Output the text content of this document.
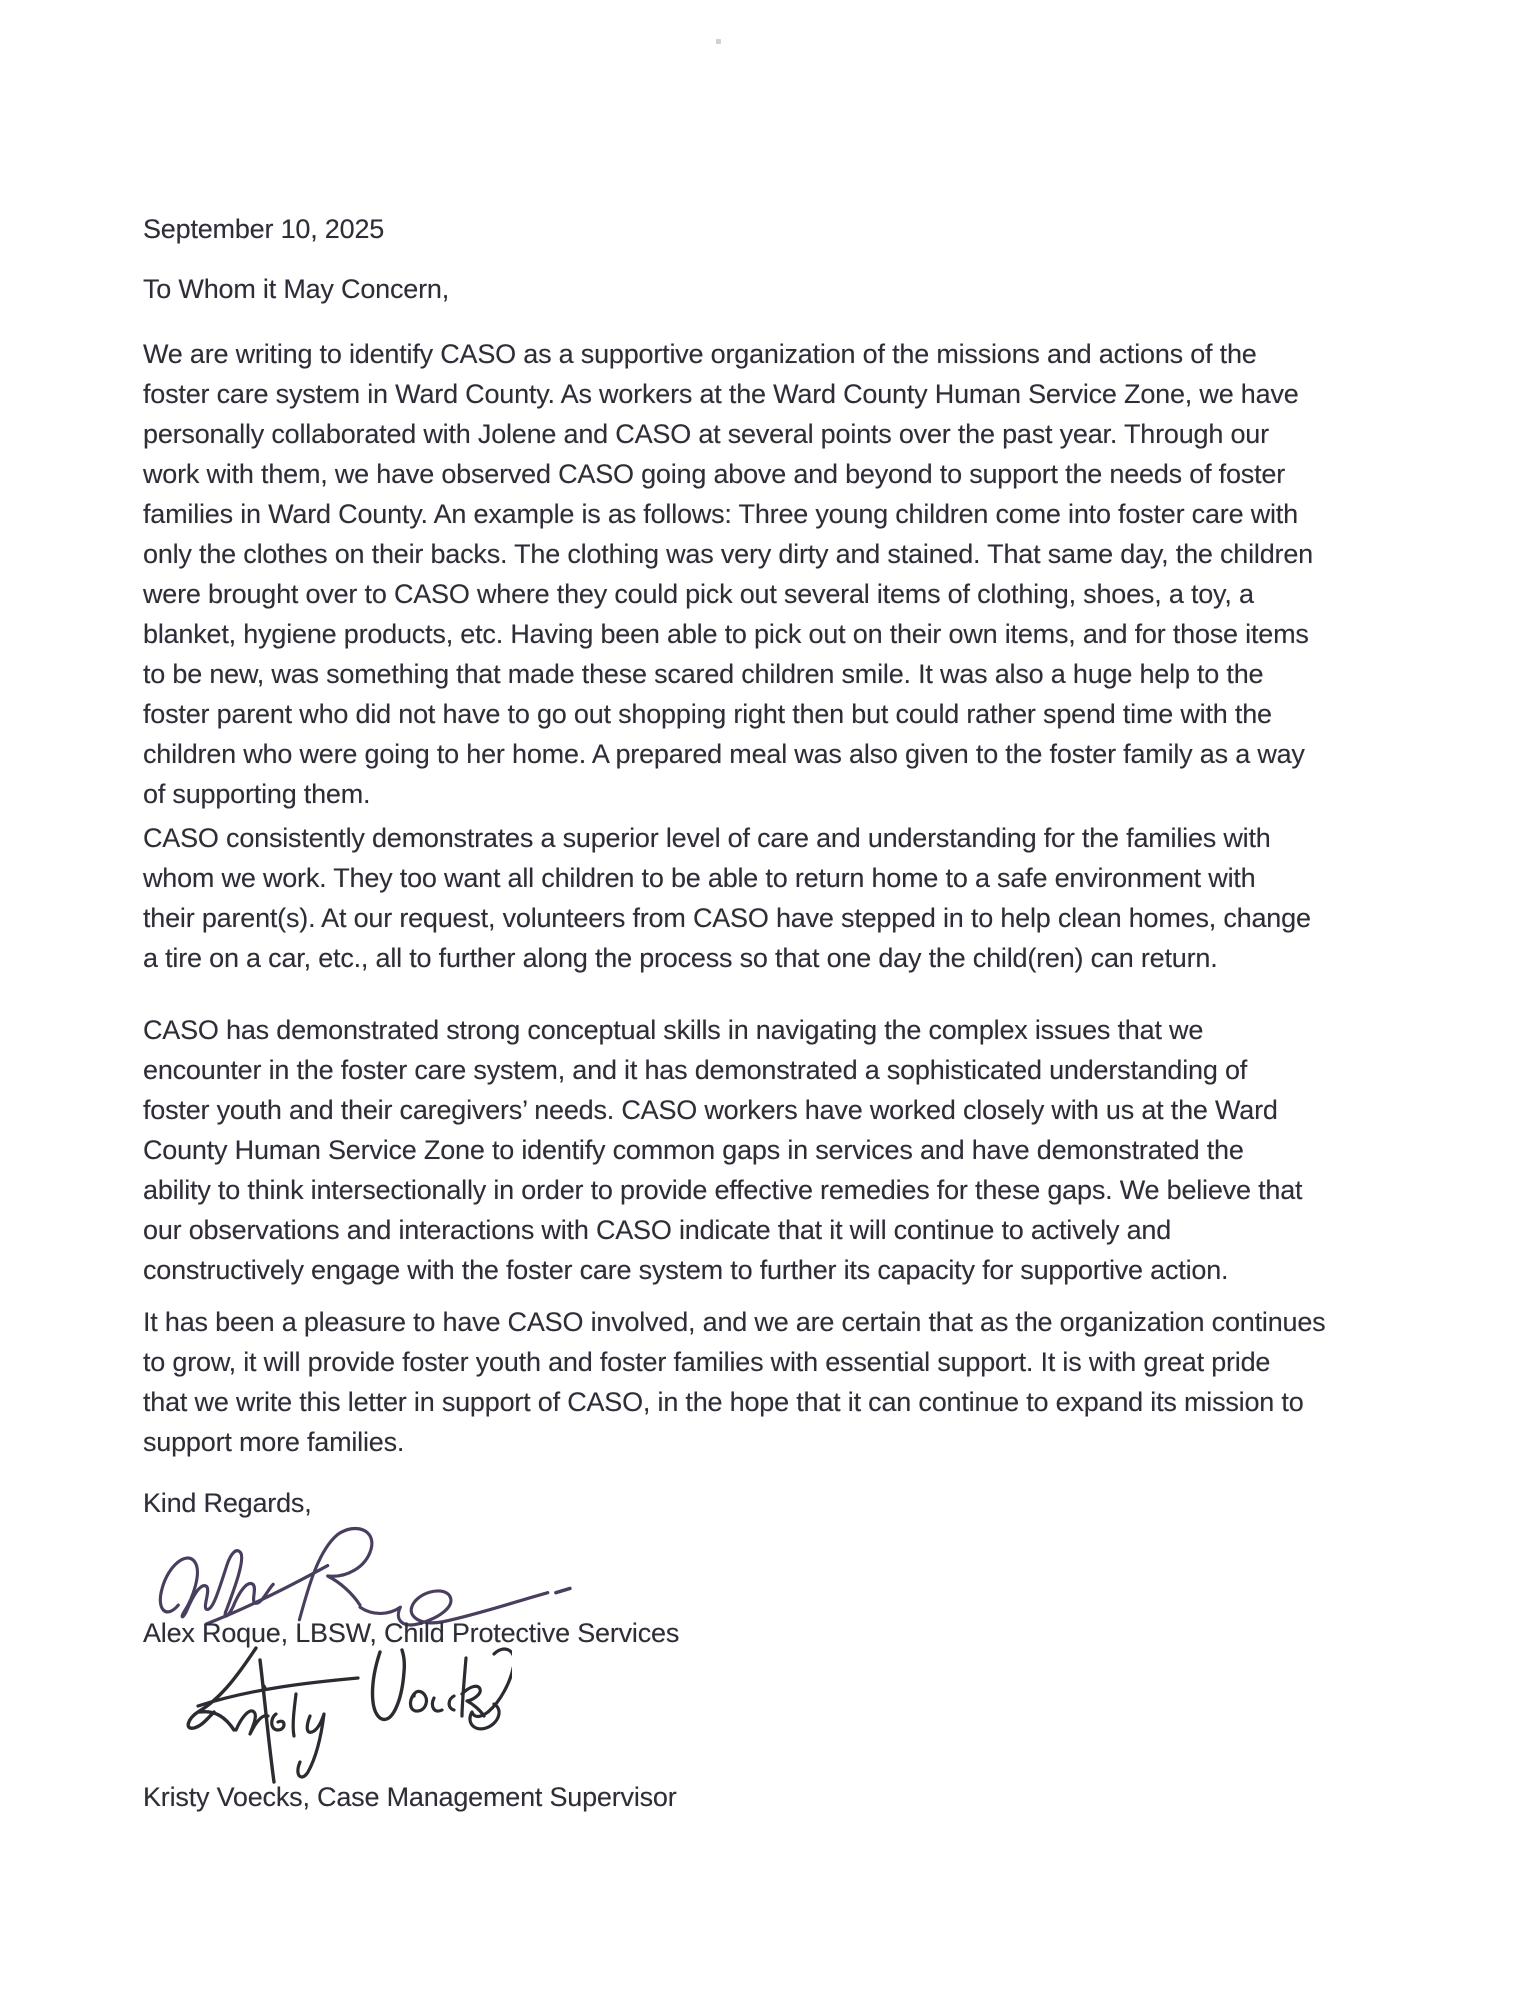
September 10, 2025
To Whom it May Concern,
We are writing to identify CASO as a supportive organization of the missions and actions of the
foster care system in Ward County. As workers at the Ward County Human Service Zone, we have
personally collaborated with Jolene and CASO at several points over the past year. Through our
work with them, we have observed CASO going above and beyond to support the needs of foster
families in Ward County. An example is as follows: Three young children come into foster care with
only the clothes on their backs. The clothing was very dirty and stained. That same day, the children
were brought over to CASO where they could pick out several items of clothing, shoes, a toy, a
blanket, hygiene products, etc. Having been able to pick out on their own items, and for those items
to be new, was something that made these scared children smile. It was also a huge help to the
foster parent who did not have to go out shopping right then but could rather spend time with the
children who were going to her home. A prepared meal was also given to the foster family as a way
of supporting them.
CASO consistently demonstrates a superior level of care and understanding for the families with
whom we work. They too want all children to be able to return home to a safe environment with
their parent(s). At our request, volunteers from CASO have stepped in to help clean homes, change
a tire on a car, etc., all to further along the process so that one day the child(ren) can return.
CASO has demonstrated strong conceptual skills in navigating the complex issues that we
encounter in the foster care system, and it has demonstrated a sophisticated understanding of
foster youth and their caregivers’ needs. CASO workers have worked closely with us at the Ward
County Human Service Zone to identify common gaps in services and have demonstrated the
ability to think intersectionally in order to provide effective remedies for these gaps. We believe that
our observations and interactions with CASO indicate that it will continue to actively and
constructively engage with the foster care system to further its capacity for supportive action.
It has been a pleasure to have CASO involved, and we are certain that as the organization continues
to grow, it will provide foster youth and foster families with essential support. It is with great pride
that we write this letter in support of CASO, in the hope that it can continue to expand its mission to
support more families.
Kind Regards,
Alex Roque, LBSW, Child Protective Services
Kristy Voecks, Case Management Supervisor
